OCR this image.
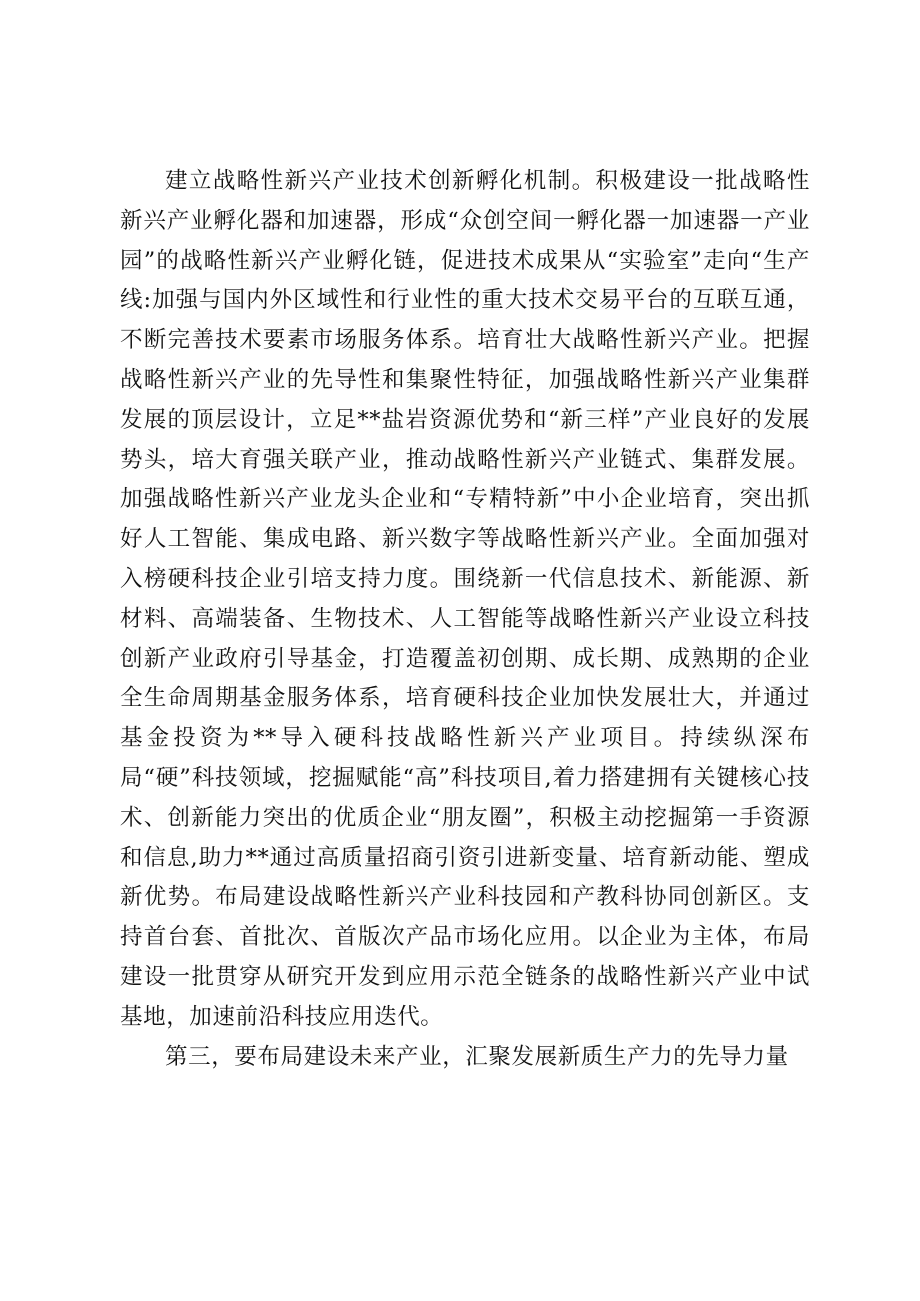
建立战略性新兴产业技术创新孵化机制。积极建设一批战略性新兴产业孵化器和加速器，形成“众创空间一孵化器一加速器一产业园”的战略性新兴产业孵化链，促进技术成果从“实验室”走向“生产线:加强与国内外区域性和行业性的重大技术交易平台的互联互通，不断完善技术要素市场服务体系。培育壮大战略性新兴产业。把握战略性新兴产业的先导性和集聚性特征，加强战略性新兴产业集群发展的顶层设计，立足**盐岩资源优势和“新三样”产业良好的发展势头，培大育强关联产业，推动战略性新兴产业链式、集群发展。加强战略性新兴产业龙头企业和“专精特新”中小企业培育，突出抓好人工智能、集成电路、新兴数字等战略性新兴产业。全面加强对入榜硬科技企业引培支持力度。围绕新一代信息技术、新能源、新材料、高端装备、生物技术、人工智能等战略性新兴产业设立科技创新产业政府引导基金，打造覆盖初创期、成长期、成熟期的企业全生命周期基金服务体系，培育硬科技企业加快发展壮大，并通过基金投资为**导入硬科技战略性新兴产业项目。持续纵深布局“硬”科技领域，挖掘赋能“高”科技项目,着力搭建拥有关键核心技术、创新能力突出的优质企业“朋友圈”，积极主动挖掘第一手资源和信息,助力**通过高质量招商引资引进新变量、培育新动能、塑成新优势。布局建设战略性新兴产业科技园和产教科协同创新区。支持首台套、首批次、首版次产品市场化应用。以企业为主体，布局建设一批贯穿从研究开发到应用示范全链条的战略性新兴产业中试基地，加速前沿科技应用迭代。

第三，要布局建设未来产业，汇聚发展新质生产力的先导力量
